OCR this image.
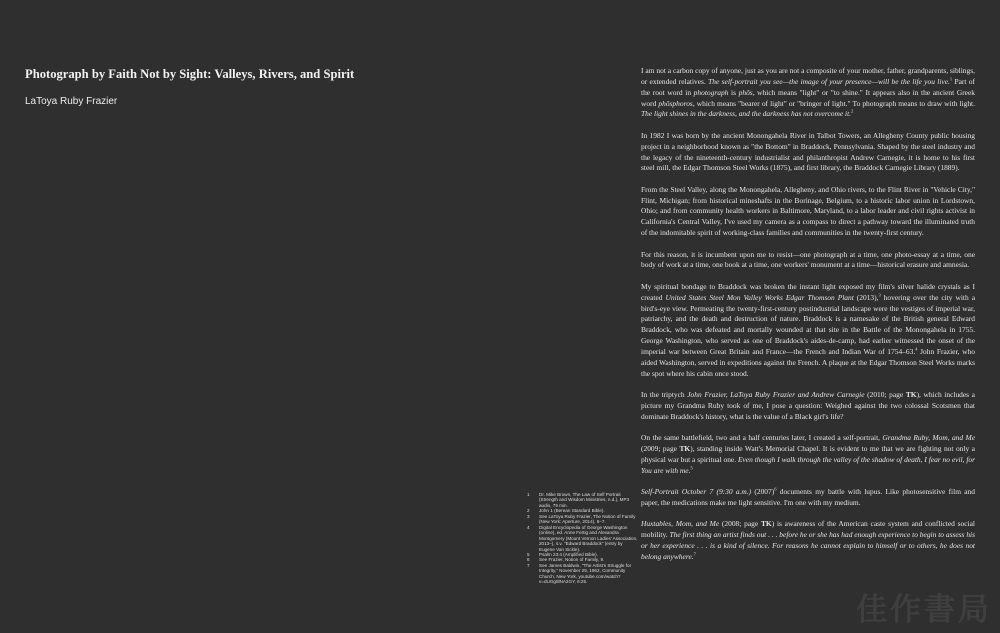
Photograph by Faith Not by Sight: Valleys, Rivers, and Spirit
LaToya Ruby Frazier
1	Dr. Mike Brown, The Law of Self Portrait (Strength and Wisdom Ministries, n.d.), MP3 audio, 79 min.
2	John 1 (Berean Standard Bible).
3	See LaToya Ruby Frazier, The Notion of Family (New York: Aperture, 2014), 6–7.
4	Digital Encyclopedia of George Washington (online), ed. Anne Fertig and Alexandra Montgomery (Mount Vernon Ladies' Association, 2013–), s.v. "Edward Braddock" (entry by Eugene Van Sickle).
5	Psalm 23:4 (Amplified Bible).
6	See Frazier, Notion of Family, 9.
7	See James Baldwin, "The Artist's Struggle for Integrity," November 29, 1962, Community Church, New York, youtube.com/watch?v=dUGg5lNA2GY, 6:25.

I am not a carbon copy of anyone, just as you are not a composite of your mother, father, grandparents, siblings, or extended relatives. The self-portrait you see—the image of your presence—will be the life you live.$^1$ Part of the root word in photograph is phôs, which means "light" or "to shine." It appears also in the ancient Greek word phôsphoros, which means "bearer of light" or "bringer of light." To photograph means to draw with light. The light shines in the darkness, and the darkness has not overcome it.$^2$

In 1982 I was born by the ancient Monongahela River in Talbot Towers, an Allegheny County public housing project in a neighborhood known as "the Bottom" in Braddock, Pennsylvania. Shaped by the steel industry and the legacy of the nineteenth-century industrialist and philanthropist Andrew Carnegie, it is home to his first steel mill, the Edgar Thomson Steel Works (1875), and first library, the Braddock Carnegie Library (1889).

From the Steel Valley, along the Monongahela, Allegheny, and Ohio rivers, to the Flint River in "Vehicle City," Flint, Michigan; from historical mineshafts in the Borinage, Belgium, to a historic labor union in Lordstown, Ohio; and from community health workers in Baltimore, Maryland, to a labor leader and civil rights activist in California's Central Valley, I've used my camera as a compass to direct a pathway toward the illuminated truth of the indomitable spirit of working-class families and communities in the twenty-first century.

For this reason, it is incumbent upon me to resist—one photograph at a time, one photo-essay at a time, one body of work at a time, one book at a time, one workers' monument at a time—historical erasure and amnesia.

My spiritual bondage to Braddock was broken the instant light exposed my film's silver halide crystals as I created United States Steel Mon Valley Works Edgar Thomson Plant (2013),$^3$ hovering over the city with a bird's-eye view. Permeating the twenty-first-century postindustrial landscape were the vestiges of imperial war, patriarchy, and the death and destruction of nature. Braddock is a namesake of the British general Edward Braddock, who was defeated and mortally wounded at that site in the Battle of the Monongahela in 1755. George Washington, who served as one of Braddock's aides-de-camp, had earlier witnessed the onset of the imperial war between Great Britain and France—the French and Indian War of 1754–63.$^4$ John Frazier, who aided Washington, served in expeditions against the French. A plaque at the Edgar Thomson Steel Works marks the spot where his cabin once stood.

In the triptych John Frazier, LaToya Ruby Frazier and Andrew Carnegie (2010; page TK), which includes a picture my Grandma Ruby took of me, I pose a question: Weighed against the two colossal Scotsmen that dominate Braddock's history, what is the value of a Black girl's life?

On the same battlefield, two and a half centuries later, I created a self-portrait, Grandma Ruby, Mom, and Me (2009; page TK), standing inside Watt's Memorial Chapel. It is evident to me that we are fighting not only a physical war but a spiritual one. Even though I walk through the valley of the shadow of death, I fear no evil, for You are with me.$^5$

Self-Portrait October 7 (9:30 a.m.) $(2007)^6$ documents my battle with lupus. Like photosensitive film and paper, the medications make me light sensitive. I'm one with my medium.

Huxtables, Mom, and Me (2008; page TK) is awareness of the American caste system and conflicted social mobility. The first thing an artist finds out . . . before he or she has had enough experience to begin to assess his or her experience . . . is a kind of silence. For reasons he cannot explain to himself or to others, he does not belong anywhere.$^7$

佳作書局
